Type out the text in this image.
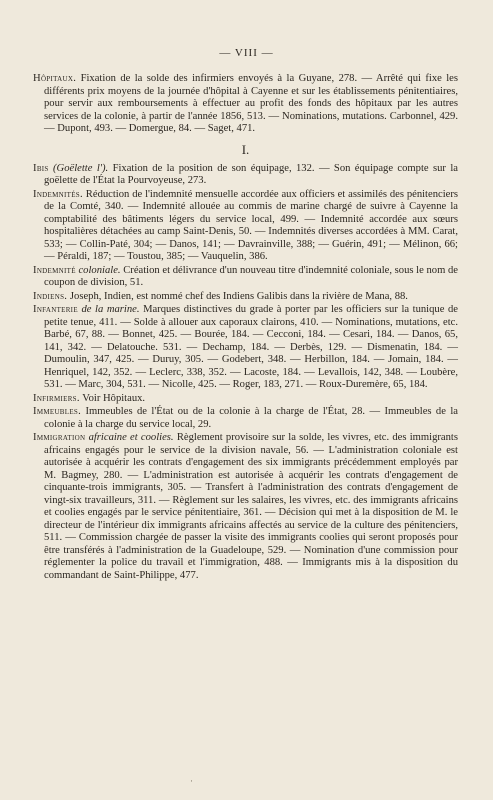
— VIII —

Hôpitaux. Fixation de la solde des infirmiers envoyés à la Guyane, 278. — Arrêté qui fixe les différents prix moyens de la journée d'hôpital à Cayenne et sur les établissements pénitentiaires, pour servir aux remboursements à effectuer au profit des fonds des hôpitaux par les autres services de la colonie, à partir de l'année 1856, 513. — Nominations, mutations. Carbonnel, 429. — Dupont, 493. — Domergue, 84. — Saget, 471.

I.

Ibis (Goëlette l'). Fixation de la position de son équipage, 132. — Son équipage compte sur la goëlette de l'État la Pourvoyeuse, 273.

Indemnités. Réduction de l'indemnité mensuelle accordée aux officiers et assimilés des pénitenciers de la Comté, 340. — Indemnité allouée au commis de marine chargé de suivre à Cayenne la comptabilité des bâtiments légers du service local, 499. — Indemnité accordée aux sœurs hospitalières détachées au camp Saint-Denis, 50. — Indemnités diverses accordées à MM. Carat, 533; — Collin-Paté, 304; — Danos, 141; — Davrainville, 388; — Guérin, 491; — Mélinon, 66; — Péraldi, 187; — Toustou, 385; — Vauquelin, 386.

Indemnité coloniale. Création et délivrance d'un nouveau titre d'indemnité coloniale, sous le nom de coupon de division, 51.

Indiens. Joseph, Indien, est nommé chef des Indiens Galibis dans la rivière de Mana, 88.

Infanterie de la marine. Marques distinctives du grade à porter par les officiers sur la tunique de petite tenue, 411. — Solde à allouer aux caporaux clairons, 410. — Nominations, mutations, etc. Barbé, 67, 88. — Bonnet, 425. — Bourée, 184. — Cecconi, 184. — Cesari, 184. — Danos, 65, 141, 342. — Delatouche. 531. — Dechamp, 184. — Derbès, 129. — Dismenatin, 184. — Dumoulin, 347, 425. — Duruy, 305. — Godebert, 348. — Herbillon, 184. — Jomain, 184. — Henriquel, 142, 352. — Leclerc, 338, 352. — Lacoste, 184. — Levallois, 142, 348. — Loubère, 531. — Marc, 304, 531. — Nicolle, 425. — Roger, 183, 271. — Roux-Duremère, 65, 184.

Infirmiers. Voir Hôpitaux.

Immeubles. Immeubles de l'État ou de la colonie à la charge de l'État, 28. — Immeubles de la colonie à la charge du service local, 29.

Immigration africaine et coolies. Règlement provisoire sur la solde, les vivres, etc. des immigrants africains engagés pour le service de la division navale, 56. — L'administration coloniale est autorisée à acquérir les contrats d'engagement des six immigrants précédemment employés par M. Bagmey, 280. — L'administration est autorisée à acquérir les contrats d'engagement de cinquante-trois immigrants, 305. — Transfert à l'administration des contrats d'engagement de vingt-six travailleurs, 311. — Règlement sur les salaires, les vivres, etc. des immigrants africains et coolies engagés par le service pénitentiaire, 361. — Décision qui met à la disposition de M. le directeur de l'intérieur dix immigrants africains affectés au service de la culture des pénitenciers, 511. — Commission chargée de passer la visite des immigrants coolies qui seront proposés pour être transférés à l'administration de la Guadeloupe, 529. — Nomination d'une commission pour réglementer la police du travail et l'immigration, 488. — Immigrants mis à la disposition du commandant de Saint-Philippe, 477.

·
